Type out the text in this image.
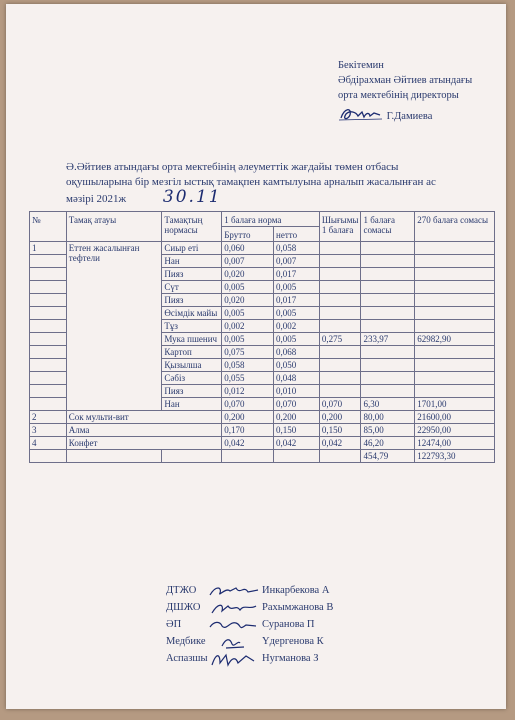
Бекітемин
Әбдірахман Әйтиев атындағы
орта мектебінің директоры
Г.Дамиева
Ә.Әйтиев атындағы орта мектебінің әлеуметтік жағдайы төмен отбасы
оқушыларына бір мезгіл ыстық тамақпен камтылуына арналып жасалынған ас
мәзірі 2021ж 30.11
№	Тамақ атауы	Тамақтың нормасы	1 балаға норма		Шығымы 1 балаға	1 балаға сомасы	270 балаға сомасы
			Брутто	нетто			
1	Еттен жасалынған тефтели	Сиыр еті	0,060	0,058			
		Нан	0,007	0,007			
		Пияз	0,020	0,017			
		Сүт	0,005	0,005			
		Пияз	0,020	0,017			
		Өсімдік майы	0,005	0,005			
		Тұз	0,002	0,002			
		Мука пшенич	0,005	0,005	0,275	233,97	62982,90
		Картоп	0,075	0,068			
		Қызылша	0,058	0,050			
		Сәбіз	0,055	0,048			
		Пияз	0,012	0,010			
		Нан	0,070	0,070	0,070	6,30	1701,00
2	Сок мульти-вит		0,200	0,200	0,200	80,00	21600,00
3	Алма		0,170	0,150	0,150	85,00	22950,00
4	Конфет		0,042	0,042	0,042	46,20	12474,00
						454,79	122793,30
ДТЖО	Инкарбекова А
ДШЖО	Рахымжанова В
ӘП	Суранова П
Медбике	Үдергенова К
Аспазшы	Нугманова З
